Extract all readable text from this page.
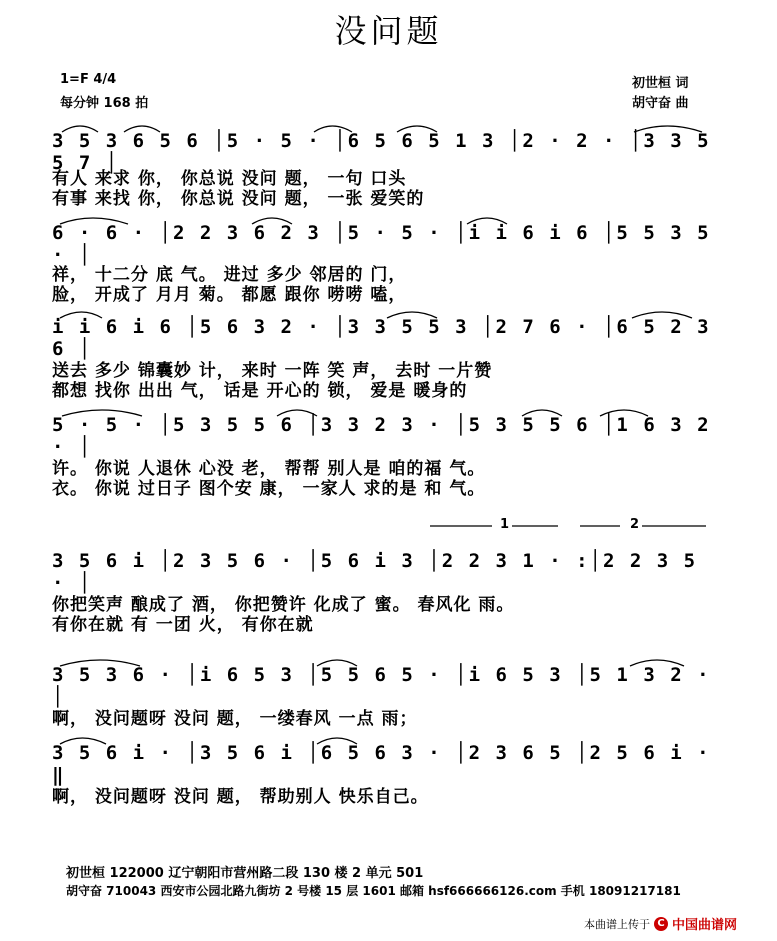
没问题
1=F 4/4
每分钟 168 拍
初世桓 词
胡守奋 曲
3 5 3 6 5 6 │5 · 5 · │6 5 6 5 1 3 │2 · 2 · │3 3 5 5 7 │
有人 来求 你， 你总说 没问 题， 一句 口头
有事 来找 你， 你总说 没问 题， 一张 爱笑的
6 · 6 · │2 2 3 6 2 3 │5 · 5 · │i i 6 i 6 │5 5 3 5 · │
祥， 十二分 底 气。 进过 多少 邻居的 门，
脸， 开成了 月月 菊。 都愿 跟你 唠唠 嗑，
i i 6 i 6 │5 6 3 2 · │3 3 5 5 3 │2 7 6 · │6 5 2 3 6 │
送去 多少 锦囊妙 计， 来时 一阵 笑 声， 去时 一片赞
都想 找你 出出 气， 话是 开心的 锁， 爱是 暖身的
5 · 5 · │5 3 5 5 6 │3 3 2 3 · │5 3 5 5 6 │1 6 3 2 · │
许。 你说 人退休 心没 老， 帮帮 别人是 咱的福 气。
衣。 你说 过日子 图个安 康， 一家人 求的是 和 气。
1	2
3 5 6 i │2 3 5 6 · │5 6 i 3 │2 2 3 1 · :│2 2 3 5 · │
你把笑声 酿成了 酒， 你把赞许 化成了 蜜。 春风化 雨。
有你在就 有 一团 火， 有你在就
3 5 3 6 · │i 6 5 3 │5 5 6 5 · │i 6 5 3 │5 1 3 2 · │
啊， 没问题呀 没问 题， 一缕春风 一点 雨；
3 5 6 i · │3 5 6 i │6 5 6 3 · │2 3 6 5 │2 5 6 i · ‖
啊， 没问题呀 没问 题， 帮助别人 快乐自己。
初世桓 122000 辽宁朝阳市营州路二段 130 楼 2 单元 501
胡守奋 710043 西安市公园北路九街坊 2 号楼 15 层 1601 邮箱 hsf666666126.com 手机 18091217181
本曲谱上传于 C 中国曲谱网
